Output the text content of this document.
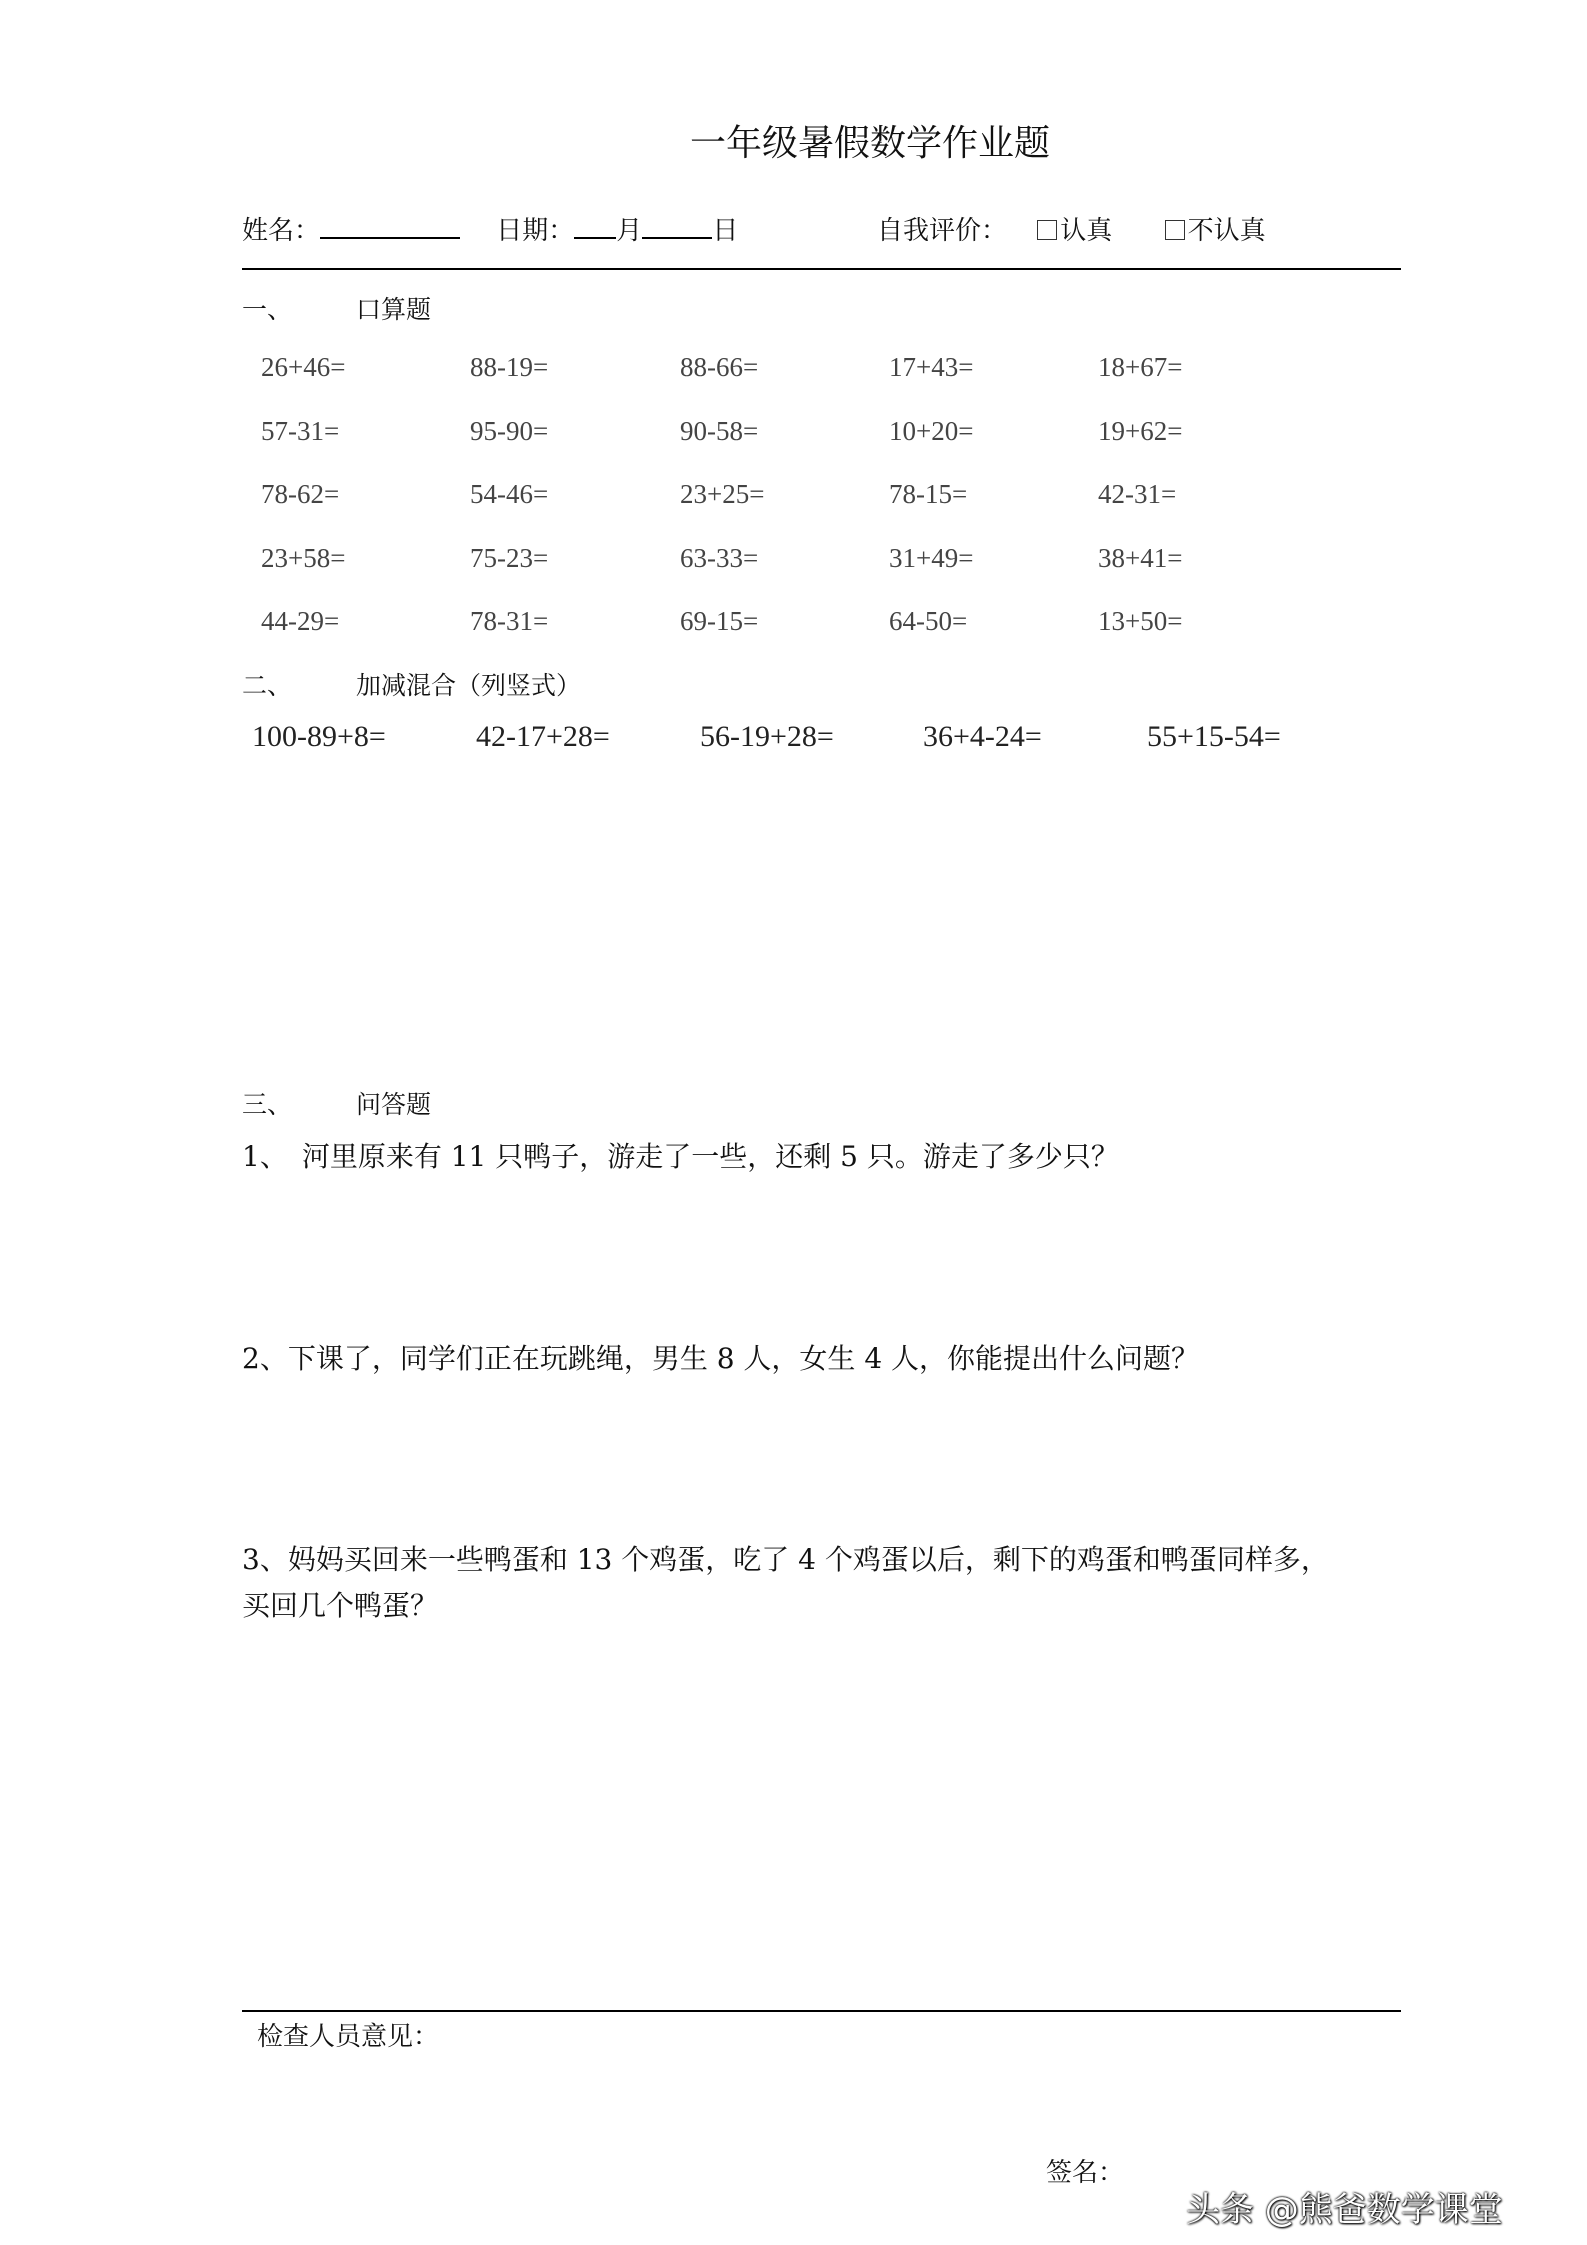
一年级暑假数学作业题
姓名：	日期： 月	日	自我评价： 认真	不认真
一、	口算题
26+46=	88-19=	88-66=	17+43=	18+67=
57-31=	95-90=	90-58=	10+20=	19+62=
78-62=	54-46=	23+25=	78-15=	42-31=
23+58=	75-23=	63-33=	31+49=	38+41=
44-29=	78-31=	69-15=	64-50=	13+50=
二、	加减混合（列竖式）
100-89+8=	42-17+28=	56-19+28=	36+4-24=	55+15-54=
三、	问答题
1、　河里原来有 11 只鸭子，游走了一些，还剩 5 只。游走了多少只？
2、下课了，同学们正在玩跳绳，男生 8 人，女生 4 人，你能提出什么问题？
3、妈妈买回来一些鸭蛋和 13 个鸡蛋，吃了 4 个鸡蛋以后，剩下的鸡蛋和鸭蛋同样多，
买回几个鸭蛋？
检查人员意见：
签名：
头条 @熊爸数学课堂
